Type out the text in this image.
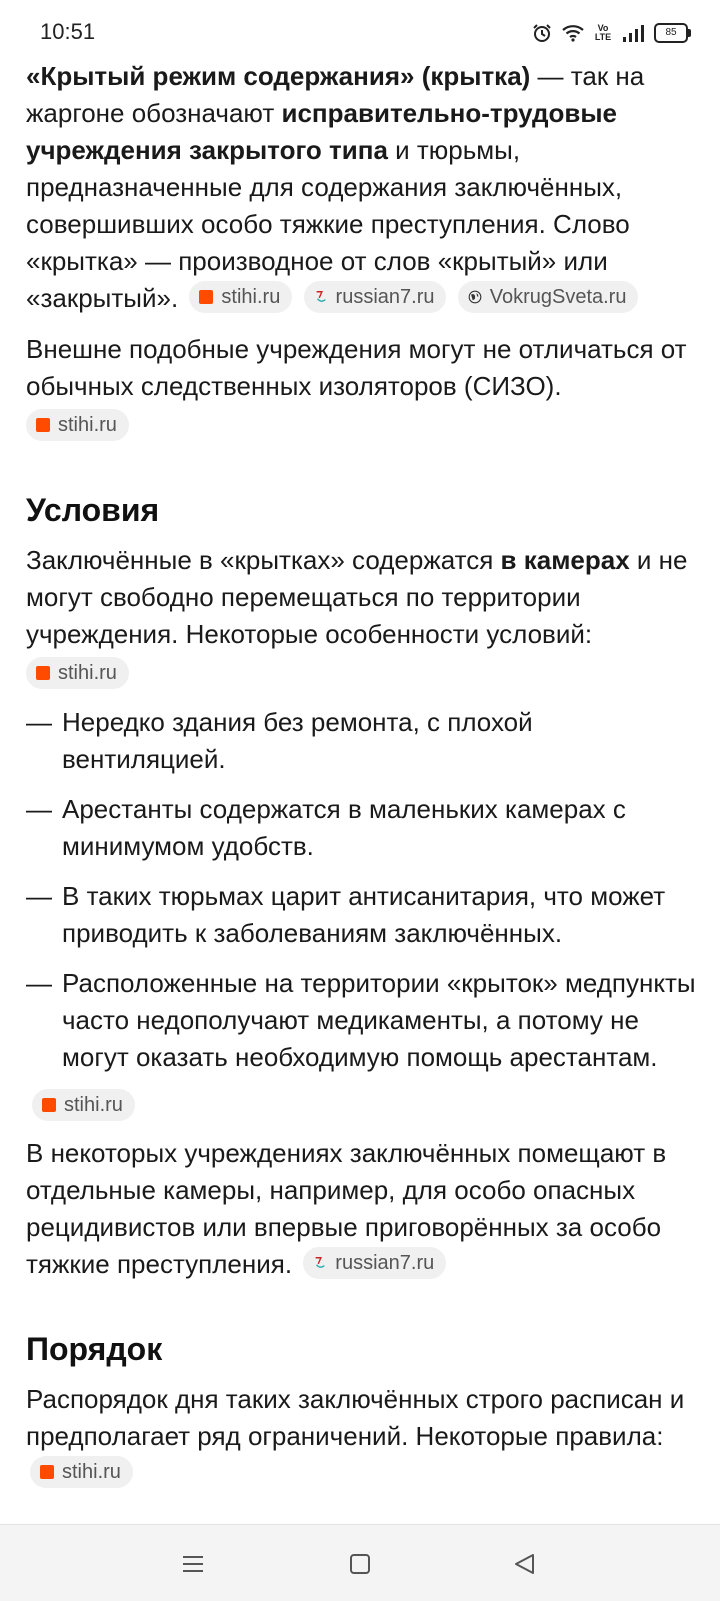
10:51	Vo
LTE	85

«Крытый режим содержания» (крытка) — так на жаргоне обозначают исправительно-трудовые учреждения закрытого типа и тюрьмы, предназначенные для содержания заключённых, совершивших особо тяжкие преступления. Слово «крытка» — производное от слов «крытый» или «закрытый». stihi.ru
	russian7.ru
	VokrugSveta.ru

Внешне подобные учреждения могут не отличаться от обычных следственных изоляторов (СИЗО).

stihi.ru

Условия

Заключённые в «крытках» содержатся в камерах и не могут свободно перемещаться по территории учреждения. Некоторые особенности условий:

stihi.ru

— Нередко здания без ремонта, с плохой вентиляцией.
— Арестанты содержатся в маленьких камерах с минимумом удобств.
— В таких тюрьмах царит антисанитария, что может приводить к заболеваниям заключённых.
— Расположенные на территории «крыток» медпункты часто недополучают медикаменты, а потому не могут оказать необходимую помощь арестантам.
stihi.ru

В некоторых учреждениях заключённых помещают в отдельные камеры, например, для особо опасных рецидивистов или впервые приговорённых за особо тяжкие преступления. russian7.ru

Порядок

Распорядок дня таких заключённых строго расписан и предполагает ряд ограничений. Некоторые правила:
stihi.ru
